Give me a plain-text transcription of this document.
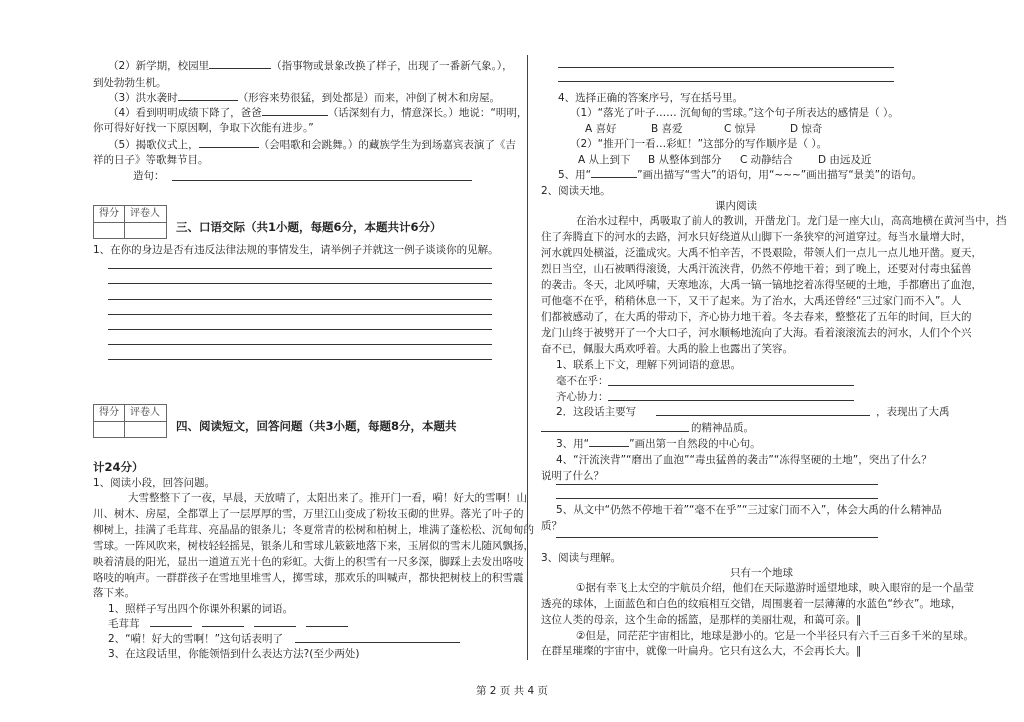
（2）新学期，校园里	（指事物或景象改换了样子，出现了一番新气象。），
到处勃勃生机。
（3）洪水袭时	（形容来势很猛，到处都是）而来，冲倒了树木和房屋。
（4）看到明明成绩下降了，爸爸	（话深刻有力，情意深长。）地说：“明明，
你可得好好找一下原因啊，争取下次能有进步。”
（5）揭歌仪式上，	（会唱歌和会跳舞。）的藏族学生为到场嘉宾表演了《吉
祥的日子》等歌舞节目。
造句：
得分	评卷人
三、口语交际（共1小题，每题6分，本题共计6分）
1、在你的身边是否有违反法律法规的事情发生，请举例子并就这一例子谈谈你的见解。
得分	评卷人
四、阅读短文，回答问题（共3小题，每题8分，本题共
计24分）
1、阅读小段，回答问题。
大雪整整下了一夜，早晨，天放晴了，太阳出来了。推开门一看，嗬！好大的雪啊！山
川、树木、房屋，全都罩上了一层厚厚的雪，万里江山变成了粉妆玉砌的世界。落光了叶子的
柳树上，挂满了毛茸茸、亮晶晶的银条儿；冬夏常青的松树和柏树上，堆满了蓬松松、沉甸甸的
雪球。一阵风吹来，树枝轻轻摇晃，银条儿和雪球儿簌簌地落下来，玉屑似的雪末儿随风飘扬，
映着清晨的阳光，显出一道道五光十色的彩虹。大街上的积雪有一尺多深，脚踩上去发出咯吱
咯吱的响声。一群群孩子在雪地里堆雪人，掷雪球，那欢乐的叫喊声，都快把树枝上的积雪震
落下来。
1、照样子写出四个你课外积累的词语。
毛茸茸
2、“嗬！好大的雪啊！”这句话表明了
3、在这段话里，你能领悟到什么表达方法?(至少两处)
4、选择正确的答案序号，写在括号里。
（1）“落光了叶子…… 沉甸甸的雪球。”这个句子所表达的感情是（ ）。
A 喜好	B 喜爱	C 惊异	D 惊奇
（2）“推开门一看…彩虹！”这部分的写作顺序是（ ）。
A 从上到下 B 从整体到部分 C 动静结合 D 由远及近
5、用“	”画出描写“雪大”的语句，用“~~~”画出描写“景美”的语句。
2、阅读天地。
课内阅读
在治水过程中，禹吸取了前人的教训，开凿龙门。龙门是一座大山，高高地横在黄河当中，挡
住了奔腾直下的河水的去路，河水只好绕道从山脚下一条狭窄的河道穿过。每当水量增大时，
河水就四处横溢，泛滥成灾。大禹不怕辛苦，不畏艰险，带领人们一点儿一点儿地开凿。夏天，
烈日当空，山石被晒得滚烫，大禹汗流浃背，仍然不停地干着；到了晚上，还要对付毒虫猛兽
的袭击。冬天，北风呼啸，天寒地冻，大禹一镐一镐地挖着冻得坚硬的土地，手都磨出了血泡，
可他毫不在乎，稍稍休息一下，又干了起来。为了治水，大禹还曾经“三过家门而不入”。人
们都被感动了，在大禹的带动下，齐心协力地干着。冬去春来，整整花了五年的时间，巨大的
龙门山终于被劈开了一个大口子，河水顺畅地流向了大海。看着滚滚流去的河水，人们个个兴
奋不已，佩服大禹欢呼着。大禹的脸上也露出了笑容。
1、联系上下文，理解下列词语的意思。
毫不在乎：
齐心协力：
2．这段话主要写	，表现出了大禹
的精神品质。
3、用“	”画出第一自然段的中心句。
4、“汗流浃背”“磨出了血泡”“毒虫猛兽的袭击”“冻得坚硬的土地”，突出了什么？
说明了什么？
5、从文中“仍然不停地干着”“毫不在乎”“三过家门而不入”，体会大禹的什么精神品
质？
3、阅读与理解。
只有一个地球
①据有幸飞上太空的宇航员介绍，他们在天际遨游时遥望地球，映入眼帘的是一个晶莹
透亮的球体，上面蓝色和白色的纹痕相互交错，周围裹着一层薄薄的水蓝色“纱衣”。地球，
这位人类的母亲，这个生命的摇篮，是那样的美丽壮观，和蔼可亲。‖
②但是，同茫茫宇宙相比，地球是渺小的。它是一个半径只有六千三百多千米的星球。
在群星璀璨的宇宙中，就像一叶扁舟。它只有这么大，不会再长大。‖
第 2 页 共 4 页
